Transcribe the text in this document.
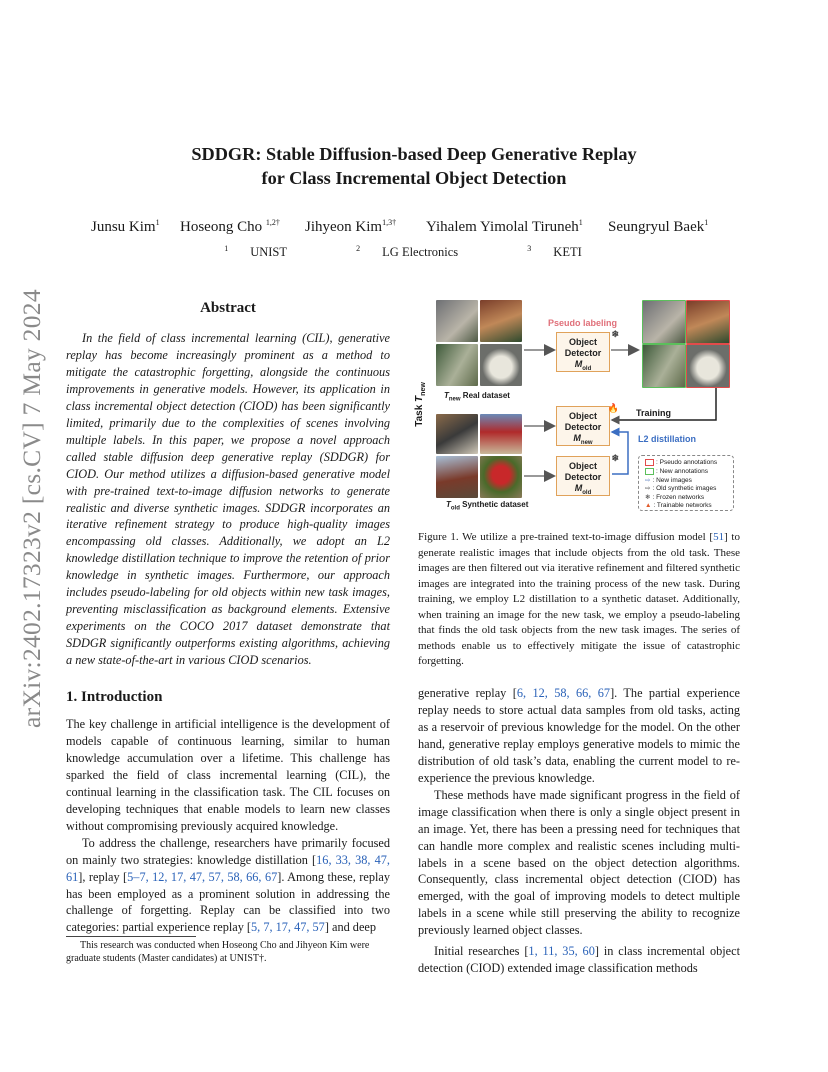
arXiv:2402.17323v2 [cs.CV] 7 May 2024
SDDGR: Stable Diffusion-based Deep Generative Replay
for Class Incremental Object Detection
Junsu Kim$^1$ Hoseong Cho $^{1,2\dagger}$ Jihyeon Kim$^{1,3\dagger}$ Yihalem Yimolal Tiruneh$^1$ Seungryul Baek$^1$
$^1$ UNIST	$^2$ LG Electronics	$^3$ KETI
Abstract
In the field of class incremental learning (CIL), generative replay has become increasingly prominent as a method to mitigate the catastrophic forgetting, alongside the continuous improvements in generative models. However, its application in class incremental object detection (CIOD) has been significantly limited, primarily due to the complexities of scenes involving multiple labels. In this paper, we propose a novel approach called stable diffusion deep generative replay (SDDGR) for CIOD. Our method utilizes a diffusion-based generative model with pre-trained text-to-image diffusion networks to generate realistic and diverse synthetic images. SDDGR incorporates an iterative refinement strategy to produce high-quality images encompassing old classes. Additionally, we adopt an L2 knowledge distillation technique to improve the retention of prior knowledge in synthetic images. Furthermore, our approach includes pseudo-labeling for old objects within new task images, preventing misclassification as background elements. Extensive experiments on the COCO 2017 dataset demonstrate that SDDGR significantly outperforms existing algorithms, achieving a new state-of-the-art in various CIOD scenarios.
1. Introduction

The key challenge in artificial intelligence is the development of models capable of continuous learning, similar to human knowledge accumulation over a lifetime. This challenge has sparked the field of class incremental learning (CIL), the continual learning in the classification task. The CIL focuses on developing techniques that enable models to learn new classes without compromising previously acquired knowledge.

To address the challenge, researchers have primarily focused on mainly two strategies: knowledge distillation [16, 33, 38, 47, 61], replay [5–7, 12, 17, 47, 57, 58, 66, 67]. Among these, replay has been employed as a prominent solution in addressing the challenge of forgetting. Replay can be classified into two categories: partial experience replay [5, 7, 17, 47, 57] and deep

This research was conducted when Hoseong Cho and Jihyeon Kim were graduate students (Master candidates) at UNIST†.

generative replay [6, 12, 58, 66, 67]. The partial experience replay needs to store actual data samples from old tasks, acting as a reservoir of previous knowledge for the model. On the other hand, generative replay employs generative models to mimic the distribution of old task’s data, enabling the current model to re-experience the previous knowledge.

These methods have made significant progress in the field of image classification when there is only a single object present in an image. Yet, there has been a pressing need for techniques that can handle more complex and realistic scenes including multi-labels in a scene based on the object detection algorithms. Consequently, class incremental object detection (CIOD) has emerged, with the goal of improving models to detect multiple labels in a scene while still preserving the ability to recognize previously learned object classes.

Initial researches [1, 11, 35, 60] in class incremental object detection (CIOD) extended image classification methods

$T_{new}$ Real dataset
Task $T_{new}$
$T_{old}$ Synthetic dataset
Pseudo labeling
Object
Detector
$M_{old}$
❄
Object
Detector
$M_{new}$
🔥
Object
Detector
$M_{old}$
❄
Training
L2 distillation
: Pseudo annotations
: New annotations
⇨ : New images
⇨ : Old synthetic images
❄ : Frozen networks
▲ : Trainable networks
Figure 1. We utilize a pre-trained text-to-image diffusion model [51] to generate realistic images that include objects from the old task. These images are then filtered out via iterative refinement and filtered synthetic images are integrated into the training process of the new task. During training, we employ L2 distillation to a synthetic dataset. Additionally, when training an image for the new task, we employ a pseudo-labeling that finds the old task objects from the new task images. The series of methods enable us to effectively mitigate the issue of catastrophic forgetting.
